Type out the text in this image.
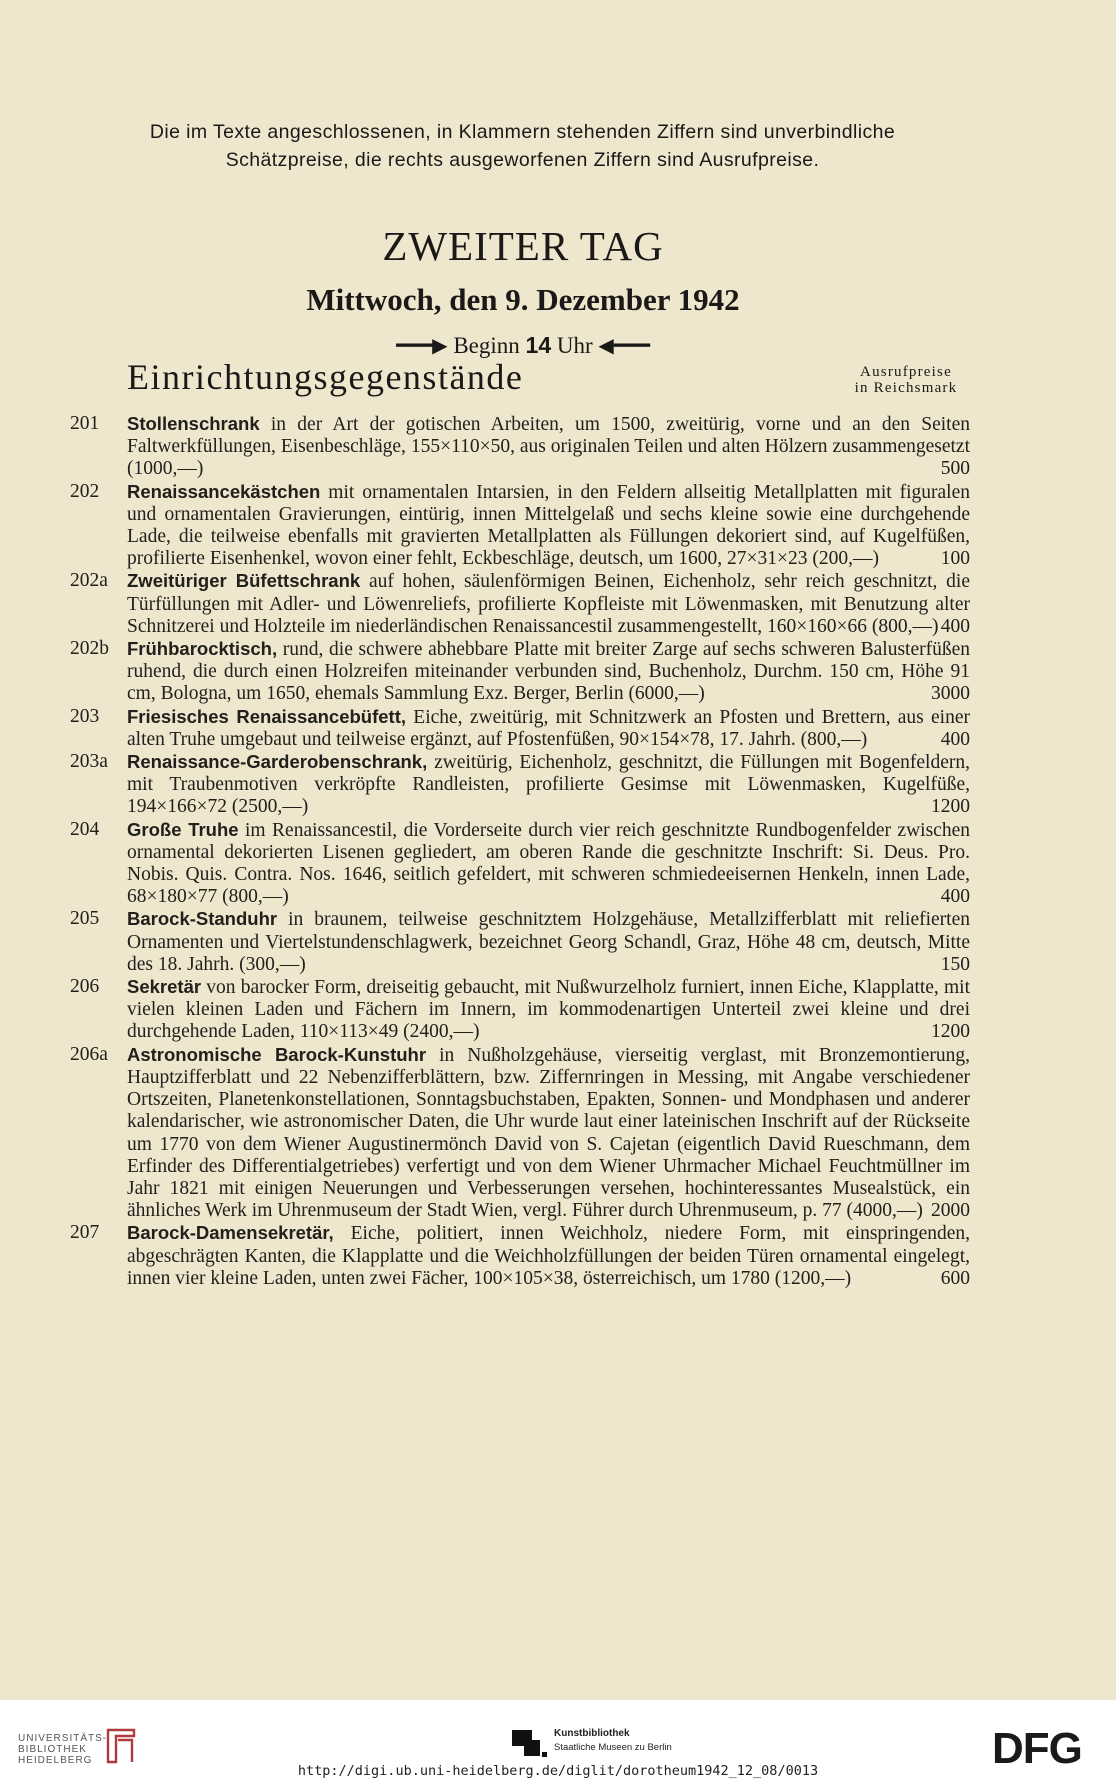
Die im Texte angeschlossenen, in Klammern stehenden Ziffern sind unverbindliche
Schätzpreise, die rechts ausgeworfenen Ziffern sind Ausrufpreise.
ZWEITER TAG
Mittwoch, den 9. Dezember 1942
━━━▶ Beginn 14 Uhr ◀━━━
Einrichtungsgegenstände	Ausrufpreise
in Reichsmark
201 Stollenschrank in der Art der gotischen Arbeiten, um 1500, zweitürig, vorne und an den Seiten Faltwerkfüllungen, Eisenbeschläge, 155×110×50, aus originalen Teilen und alten Hölzern zusammengesetzt (1000,—)	500
202 Renaissancekästchen mit ornamentalen Intarsien, in den Feldern allseitig Metallplatten mit figuralen und ornamentalen Gravierungen, eintürig, innen Mittelgelaß und sechs kleine sowie eine durchgehende Lade, die teilweise ebenfalls mit gravierten Metallplatten als Füllungen dekoriert sind, auf Kugelfüßen, profilierte Eisenhenkel, wovon einer fehlt, Eckbeschläge, deutsch, um 1600, 27×31×23 (200,—)	100
202a Zweitüriger Büfettschrank auf hohen, säulenförmigen Beinen, Eichenholz, sehr reich geschnitzt, die Türfüllungen mit Adler- und Löwenreliefs, profilierte Kopfleiste mit Löwenmasken, mit Benutzung alter Schnitzerei und Holzteile im niederländischen Renaissancestil zusammengestellt, 160×160×66 (800,—) 400
202b Frühbarocktisch, rund, die schwere abhebbare Platte mit breiter Zarge auf sechs schweren Balusterfüßen ruhend, die durch einen Holzreifen miteinander verbunden sind, Buchenholz, Durchm. 150 cm, Höhe 91 cm, Bologna, um 1650, ehemals Sammlung Exz. Berger, Berlin (6000,—)	3000
203 Friesisches Renaissancebüfett, Eiche, zweitürig, mit Schnitzwerk an Pfosten und Brettern, aus einer alten Truhe umgebaut und teilweise ergänzt, auf Pfostenfüßen, 90×154×78, 17. Jahrh. (800,—)	400
203a Renaissance-Garderobenschrank, zweitürig, Eichenholz, geschnitzt, die Füllungen mit Bogenfeldern, mit Traubenmotiven verkröpfte Randleisten, profilierte Gesimse mit Löwenmasken, Kugelfüße, 194×166×72 (2500,—)	1200
204 Große Truhe im Renaissancestil, die Vorderseite durch vier reich geschnitzte Rundbogenfelder zwischen ornamental dekorierten Lisenen gegliedert, am oberen Rande die geschnitzte Inschrift: Si. Deus. Pro. Nobis. Quis. Contra. Nos. 1646, seitlich gefeldert, mit schweren schmiedeeisernen Henkeln, innen Lade, 68×180×77 (800,—)	400
205 Barock-Standuhr in braunem, teilweise geschnitztem Holzgehäuse, Metallzifferblatt mit reliefierten Ornamenten und Viertelstundenschlagwerk, bezeichnet Georg Schandl, Graz, Höhe 48 cm, deutsch, Mitte des 18. Jahrh. (300,—)	150
206 Sekretär von barocker Form, dreiseitig gebaucht, mit Nußwurzelholz furniert, innen Eiche, Klapplatte, mit vielen kleinen Laden und Fächern im Innern, im kommodenartigen Unterteil zwei kleine und drei durchgehende Laden, 110×113×49 (2400,—)	1200
206a Astronomische Barock-Kunstuhr in Nußholzgehäuse, vierseitig verglast, mit Bronzemontierung, Hauptzifferblatt und 22 Nebenzifferblättern, bzw. Ziffernringen in Messing, mit Angabe verschiedener Ortszeiten, Planetenkonstellationen, Sonntagsbuchstaben, Epakten, Sonnen- und Mondphasen und anderer kalendarischer, wie astronomischer Daten, die Uhr wurde laut einer lateinischen Inschrift auf der Rückseite um 1770 von dem Wiener Augustinermönch David von S. Cajetan (eigentlich David Rueschmann, dem Erfinder des Differentialgetriebes) verfertigt und von dem Wiener Uhrmacher Michael Feuchtmüllner im Jahr 1821 mit einigen Neuerungen und Verbesserungen versehen, hochinteressantes Musealstück, ein ähnliches Werk im Uhrenmuseum der Stadt Wien, vergl. Führer durch Uhrenmuseum, p. 77 (4000,—) 2000
207 Barock-Damensekretär, Eiche, politiert, innen Weichholz, niedere Form, mit einspringenden, abgeschrägten Kanten, die Klapplatte und die Weichholzfüllungen der beiden Türen ornamental eingelegt, innen vier kleine Laden, unten zwei Fächer, 100×105×38, österreichisch, um 1780 (1200,—)	600
UNIVERSITÄTS-
BIBLIOTHEK
HEIDELBERG
Kunstbibliothek
Staatliche Museen zu Berlin	DFG
http://digi.ub.uni-heidelberg.de/diglit/dorotheum1942_12_08/0013
